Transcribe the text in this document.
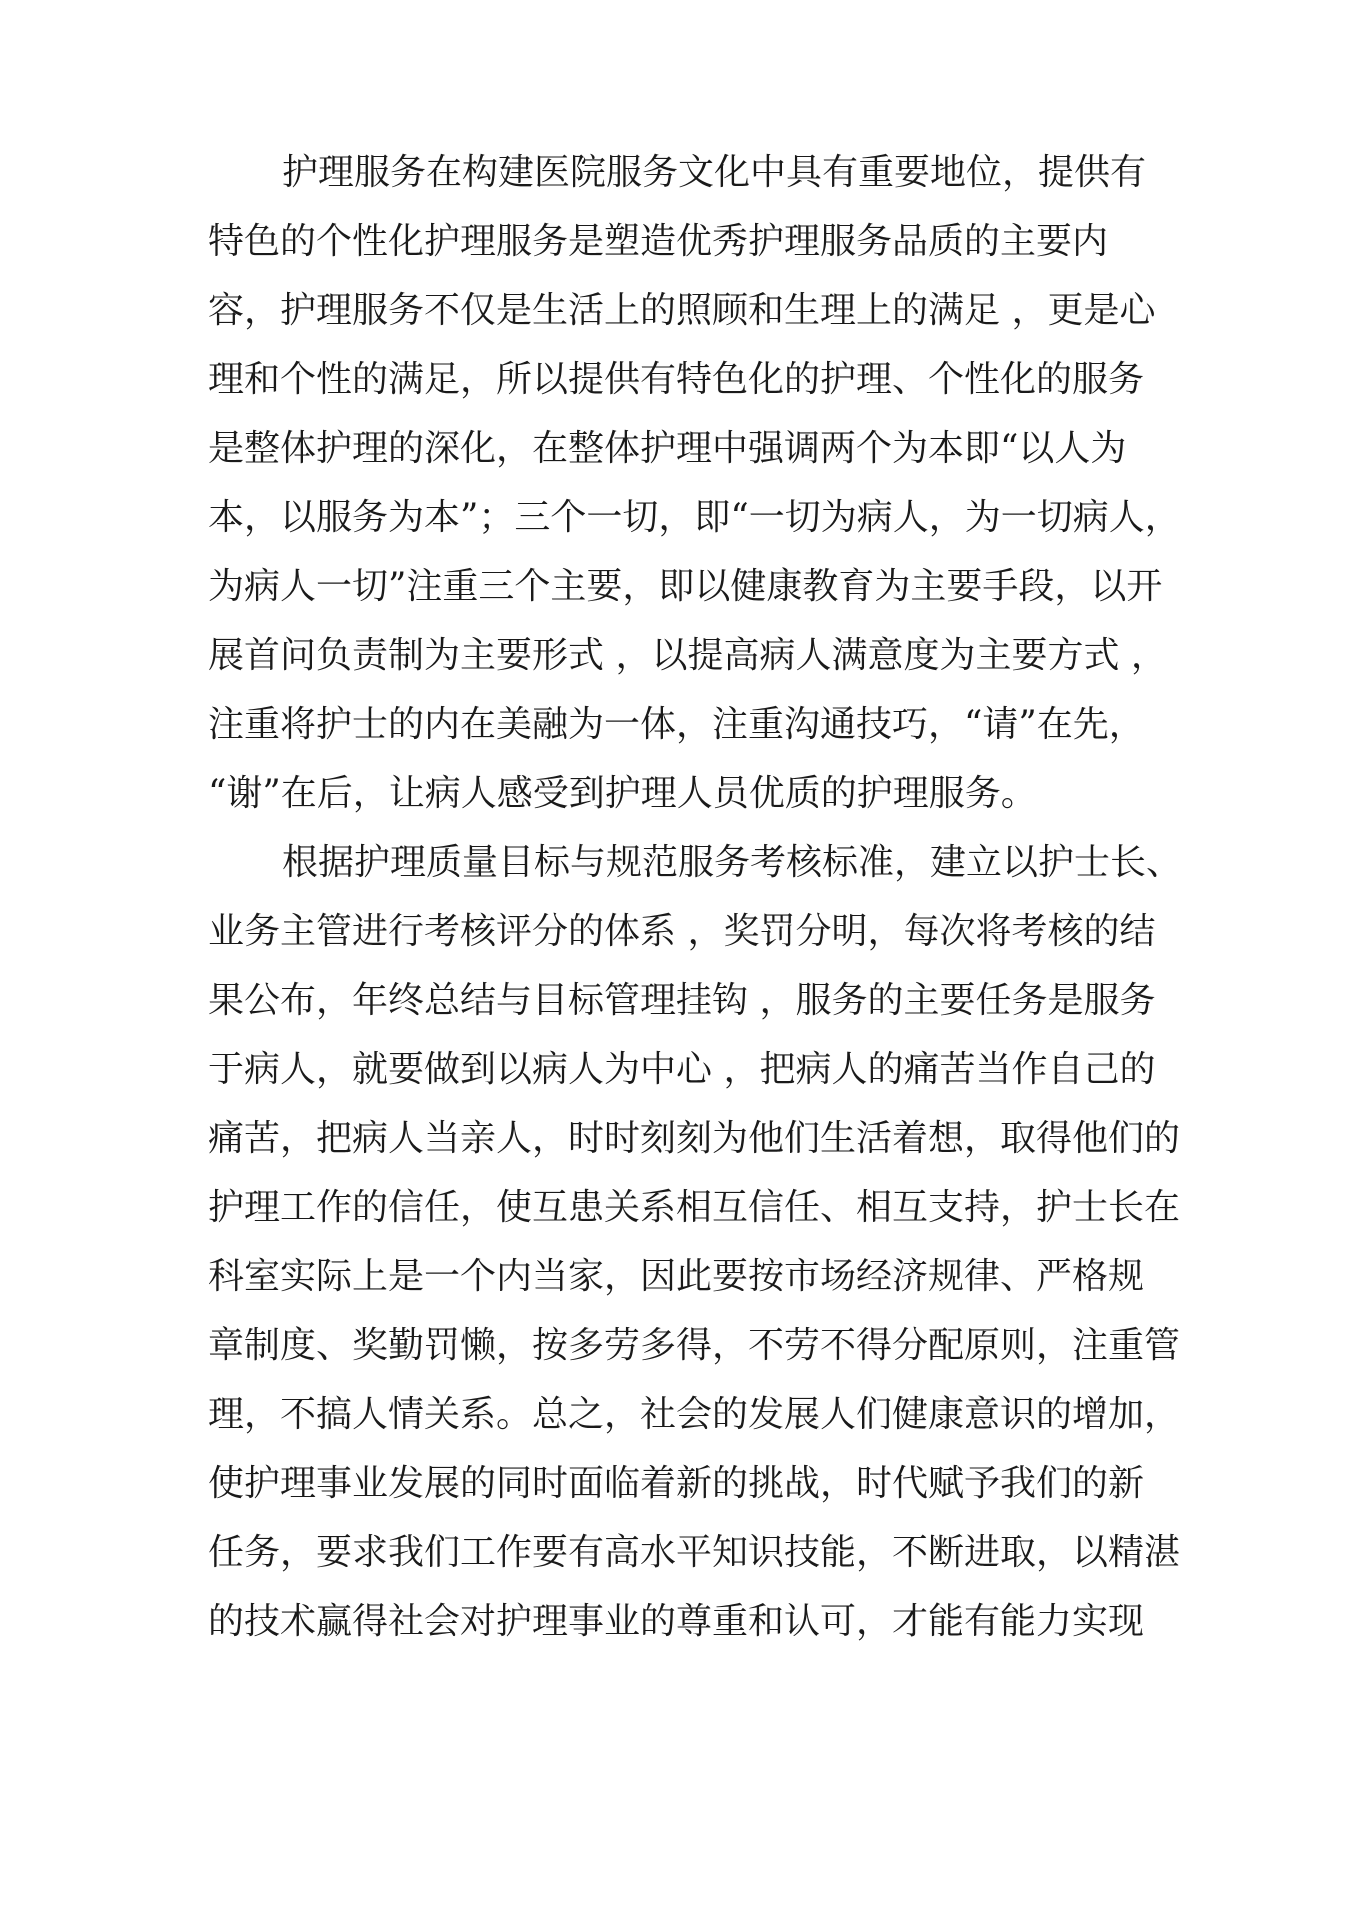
护理服务在构建医院服务文化中具有重要地位，提供有
特色的个性化护理服务是塑造优秀护理服务品质的主要内
容，护理服务不仅是生活上的照顾和生理上的满足 ，更是心
理和个性的满足，所以提供有特色化的护理、个性化的服务
是整体护理的深化，在整体护理中强调两个为本即“以人为
本，以服务为本”；三个一切，即“一切为病人，为一切病人，
为病人一切”注重三个主要，即以健康教育为主要手段，以开
展首问负责制为主要形式 ，以提高病人满意度为主要方式 ，
注重将护士的内在美融为一体，注重沟通技巧，“请”在先，
“谢”在后，让病人感受到护理人员优质的护理服务。
根据护理质量目标与规范服务考核标准，建立以护士长、
业务主管进行考核评分的体系 ，奖罚分明，每次将考核的结
果公布，年终总结与目标管理挂钩 ，服务的主要任务是服务
于病人，就要做到以病人为中心 ，把病人的痛苦当作自己的
痛苦，把病人当亲人，时时刻刻为他们生活着想，取得他们的
护理工作的信任，使互患关系相互信任、相互支持，护士长在
科室实际上是一个内当家，因此要按市场经济规律、严格规
章制度、奖勤罚懒，按多劳多得，不劳不得分配原则，注重管
理，不搞人情关系。总之，社会的发展人们健康意识的增加，
使护理事业发展的同时面临着新的挑战，时代赋予我们的新
任务，要求我们工作要有高水平知识技能，不断进取，以精湛
的技术赢得社会对护理事业的尊重和认可，才能有能力实现
